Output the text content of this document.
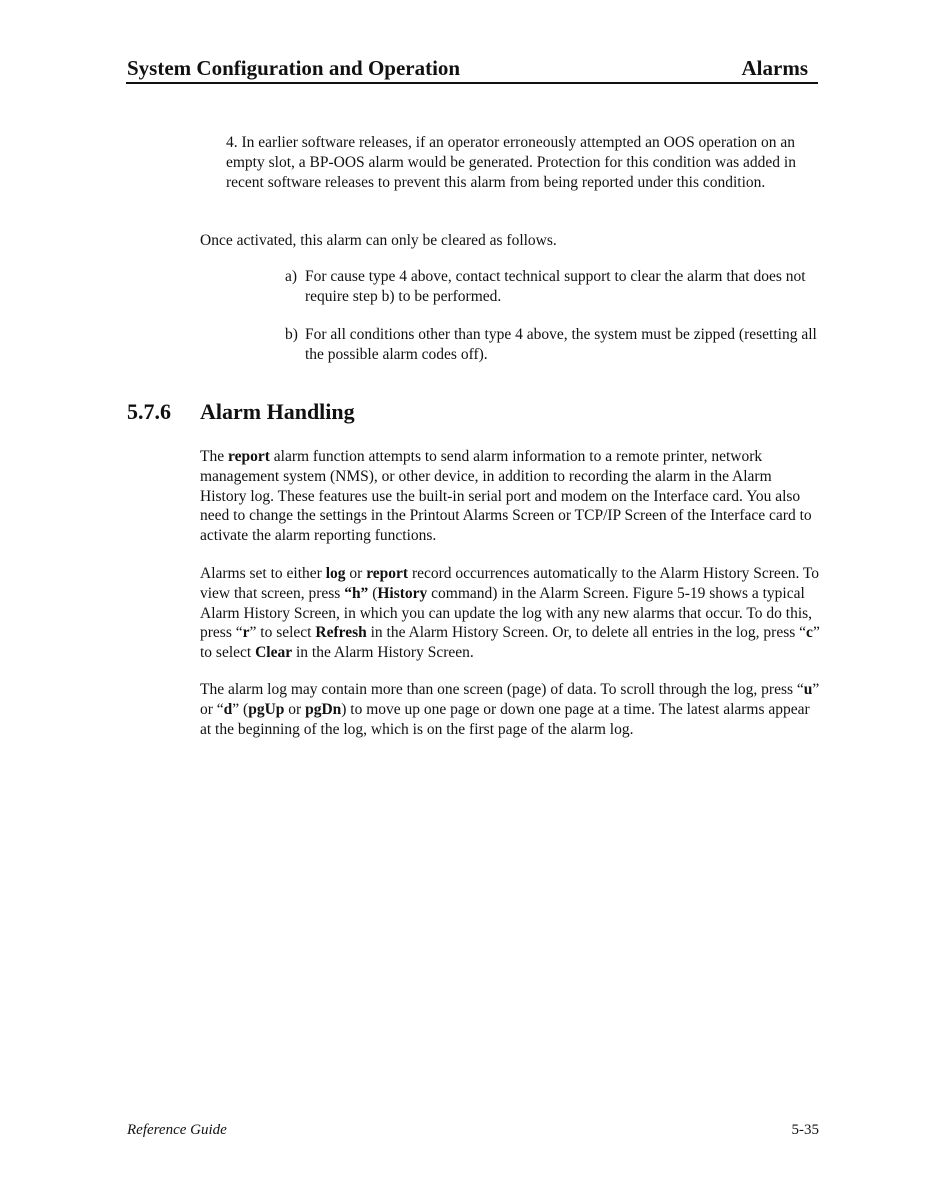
System Configuration and Operation	Alarms

4. In earlier software releases, if an operator erroneously attempted an OOS operation on an empty slot, a BP-OOS alarm would be generated. Protection for this condition was added in recent software releases to prevent this alarm from being reported under this condition.

Once activated, this alarm can only be cleared as follows.

a) For cause type 4 above, contact technical support to clear the alarm that does not require step b) to be performed.
b) For all conditions other than type 4 above, the system must be zipped (resetting all the possible alarm codes off).
5.7.6 Alarm Handling

The report alarm function attempts to send alarm information to a remote printer, network management system (NMS), or other device, in addition to recording the alarm in the Alarm History log. These features use the built-in serial port and modem on the Interface card. You also need to change the settings in the Printout Alarms Screen or TCP/IP Screen of the Interface card to activate the alarm reporting functions.

Alarms set to either log or report record occurrences automatically to the Alarm History Screen. To view that screen, press “h” (History command) in the Alarm Screen. Figure 5-19 shows a typical Alarm History Screen, in which you can update the log with any new alarms that occur. To do this, press “r” to select Refresh in the Alarm History Screen. Or, to delete all entries in the log, press “c” to select Clear in the Alarm History Screen.

The alarm log may contain more than one screen (page) of data. To scroll through the log, press “u” or “d” (pgUp or pgDn) to move up one page or down one page at a time. The latest alarms appear at the beginning of the log, which is on the first page of the alarm log.

Reference Guide	5-35
